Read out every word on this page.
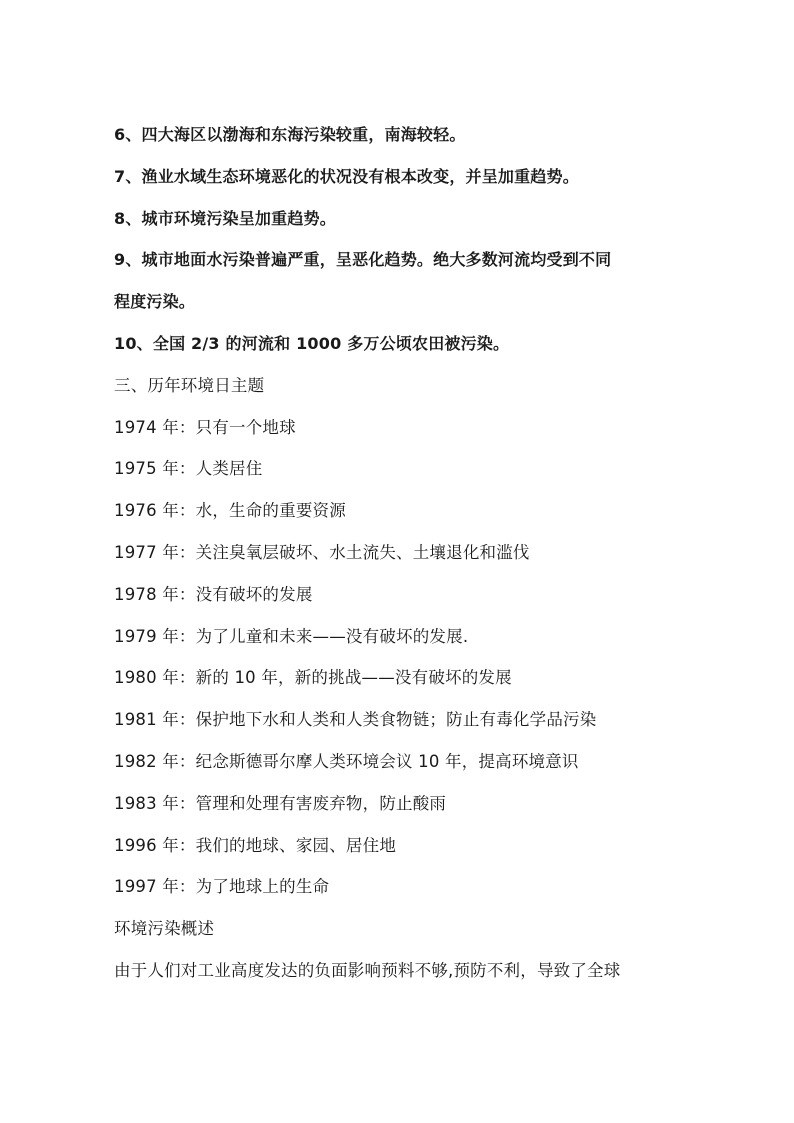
6、四大海区以渤海和东海污染较重，南海较轻。
7、渔业水域生态环境恶化的状况没有根本改变，并呈加重趋势。
8、城市环境污染呈加重趋势。
9、城市地面水污染普遍严重，呈恶化趋势。绝大多数河流均受到不同
程度污染。
10、全国 2/3 的河流和 1000 多万公顷农田被污染。
三、历年环境日主题
1974 年：只有一个地球
1975 年：人类居住
1976 年：水，生命的重要资源
1977 年：关注臭氧层破坏、水土流失、土壤退化和滥伐
1978 年：没有破坏的发展
1979 年：为了儿童和未来——没有破坏的发展.
1980 年：新的 10 年，新的挑战——没有破坏的发展
1981 年：保护地下水和人类和人类食物链；防止有毒化学品污染
1982 年：纪念斯德哥尔摩人类环境会议 10 年，提高环境意识
1983 年：管理和处理有害废弃物，防止酸雨
1996 年：我们的地球、家园、居住地
1997 年：为了地球上的生命
环境污染概述
由于人们对工业高度发达的负面影响预料不够,预防不利，导致了全球
